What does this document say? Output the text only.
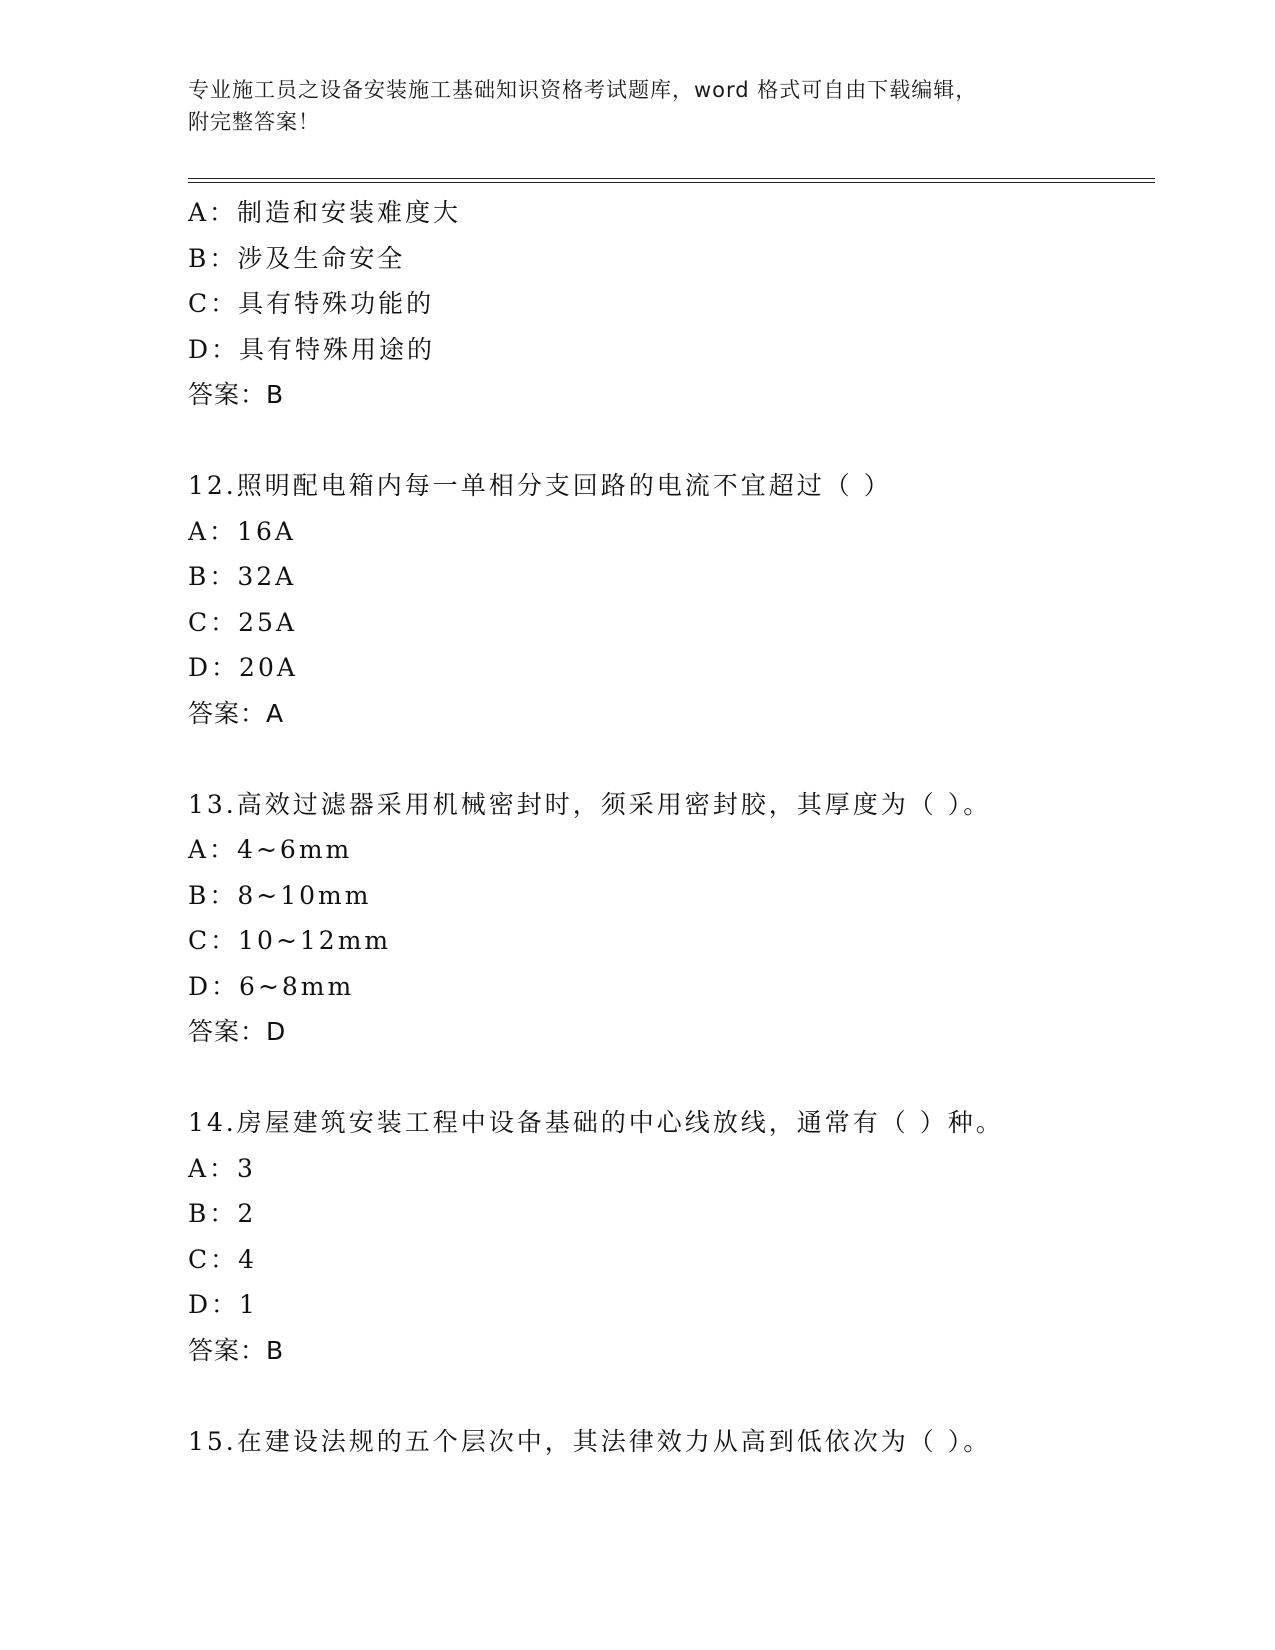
专业施工员之设备安装施工基础知识资格考试题库，word 格式可自由下载编辑，
附完整答案！
A：制造和安装难度大
B：涉及生命安全
C：具有特殊功能的
D：具有特殊用途的
答案：B
12.照明配电箱内每一单相分支回路的电流不宜超过（ ）
A：16A
B：32A
C：25A
D：20A
答案：A
13.高效过滤器采用机械密封时，须采用密封胶，其厚度为（ ）。
A：4~6mm
B：8~10mm
C：10~12mm
D：6~8mm
答案：D
14.房屋建筑安装工程中设备基础的中心线放线，通常有（ ）种。
A：3
B：2
C：4
D：1
答案：B
15.在建设法规的五个层次中，其法律效力从高到低依次为（ ）。
